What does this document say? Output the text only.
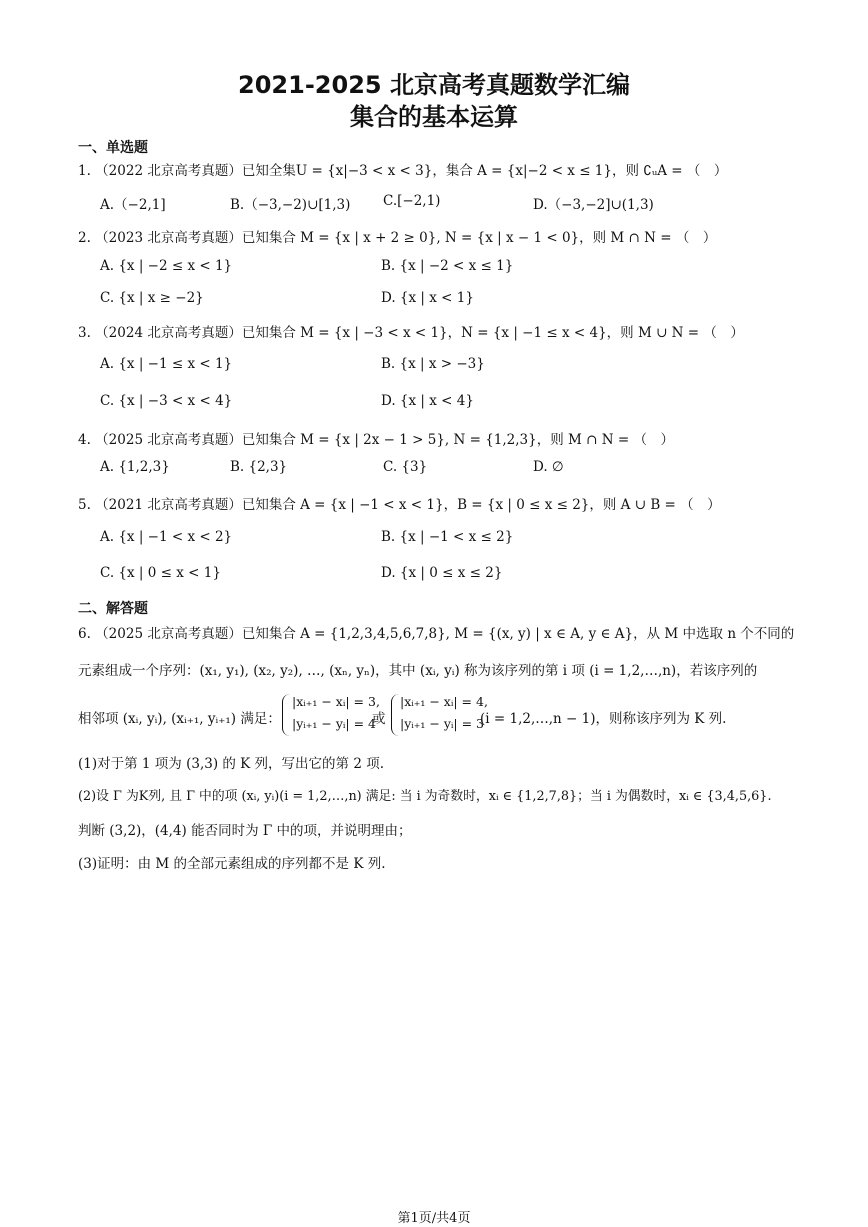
2021-2025 北京高考真题数学汇编
集合的基本运算
一、单选题
1. （2022 北京高考真题）已知全集U = {x|−3 < x < 3}，集合 A = {x|−2 < x ≤ 1}，则 ∁ᵤA = （　）
A.（−2,1]	B.（−3,−2)∪[1,3) C.[−2,1)	D.（−3,−2]∪(1,3)
2. （2023 北京高考真题）已知集合 M = {x | x + 2 ≥ 0}, N = {x | x − 1 < 0}，则 M ∩ N = （　）
A. {x | −2 ≤ x < 1}	B. {x | −2 < x ≤ 1}
C. {x | x ≥ −2}	D. {x | x < 1}
3. （2024 北京高考真题）已知集合 M = {x | −3 < x < 1}，N = {x | −1 ≤ x < 4}，则 M ∪ N = （　）
A. {x | −1 ≤ x < 1}	B. {x | x > −3}
C. {x | −3 < x < 4}	D. {x | x < 4}
4. （2025 北京高考真题）已知集合 M = {x | 2x − 1 > 5}, N = {1,2,3}，则 M ∩ N = （　）
A. {1,2,3}	B. {2,3}	C. {3}	D. ∅
5. （2021 北京高考真题）已知集合 A = {x | −1 < x < 1}，B = {x | 0 ≤ x ≤ 2}，则 A ∪ B = （　）
A. {x | −1 < x < 2}	B. {x | −1 < x ≤ 2}
C. {x | 0 ≤ x < 1}	D. {x | 0 ≤ x ≤ 2}
二、解答题
6. （2025 北京高考真题）已知集合 A = {1,2,3,4,5,6,7,8}, M = {(x, y) | x ∈ A, y ∈ A}，从 M 中选取 n 个不同的
元素组成一个序列：(x₁, y₁), (x₂, y₂), …, (xₙ, yₙ)，其中 (xᵢ, yᵢ) 称为该序列的第 i 项 (i = 1,2,…,n)，若该序列的
相邻项 (xᵢ, yᵢ), (xᵢ₊₁, yᵢ₊₁) 满足：
|xᵢ₊₁ − xᵢ| = 3,
|yᵢ₊₁ − yᵢ| = 4
或
|xᵢ₊₁ − xᵢ| = 4,
|yᵢ₊₁ − yᵢ| = 3
(i = 1,2,…,n − 1)，则称该序列为 K 列.
(1)对于第 1 项为 (3,3) 的 K 列，写出它的第 2 项.
(2)设 Γ 为K列, 且 Γ 中的项 (xᵢ, yᵢ)(i = 1,2,…,n) 满足: 当 i 为奇数时，xᵢ ∈ {1,2,7,8}；当 i 为偶数时，xᵢ ∈ {3,4,5,6}.
判断 (3,2)，(4,4) 能否同时为 Γ 中的项，并说明理由；
(3)证明：由 M 的全部元素组成的序列都不是 K 列.
第1页/共4页
